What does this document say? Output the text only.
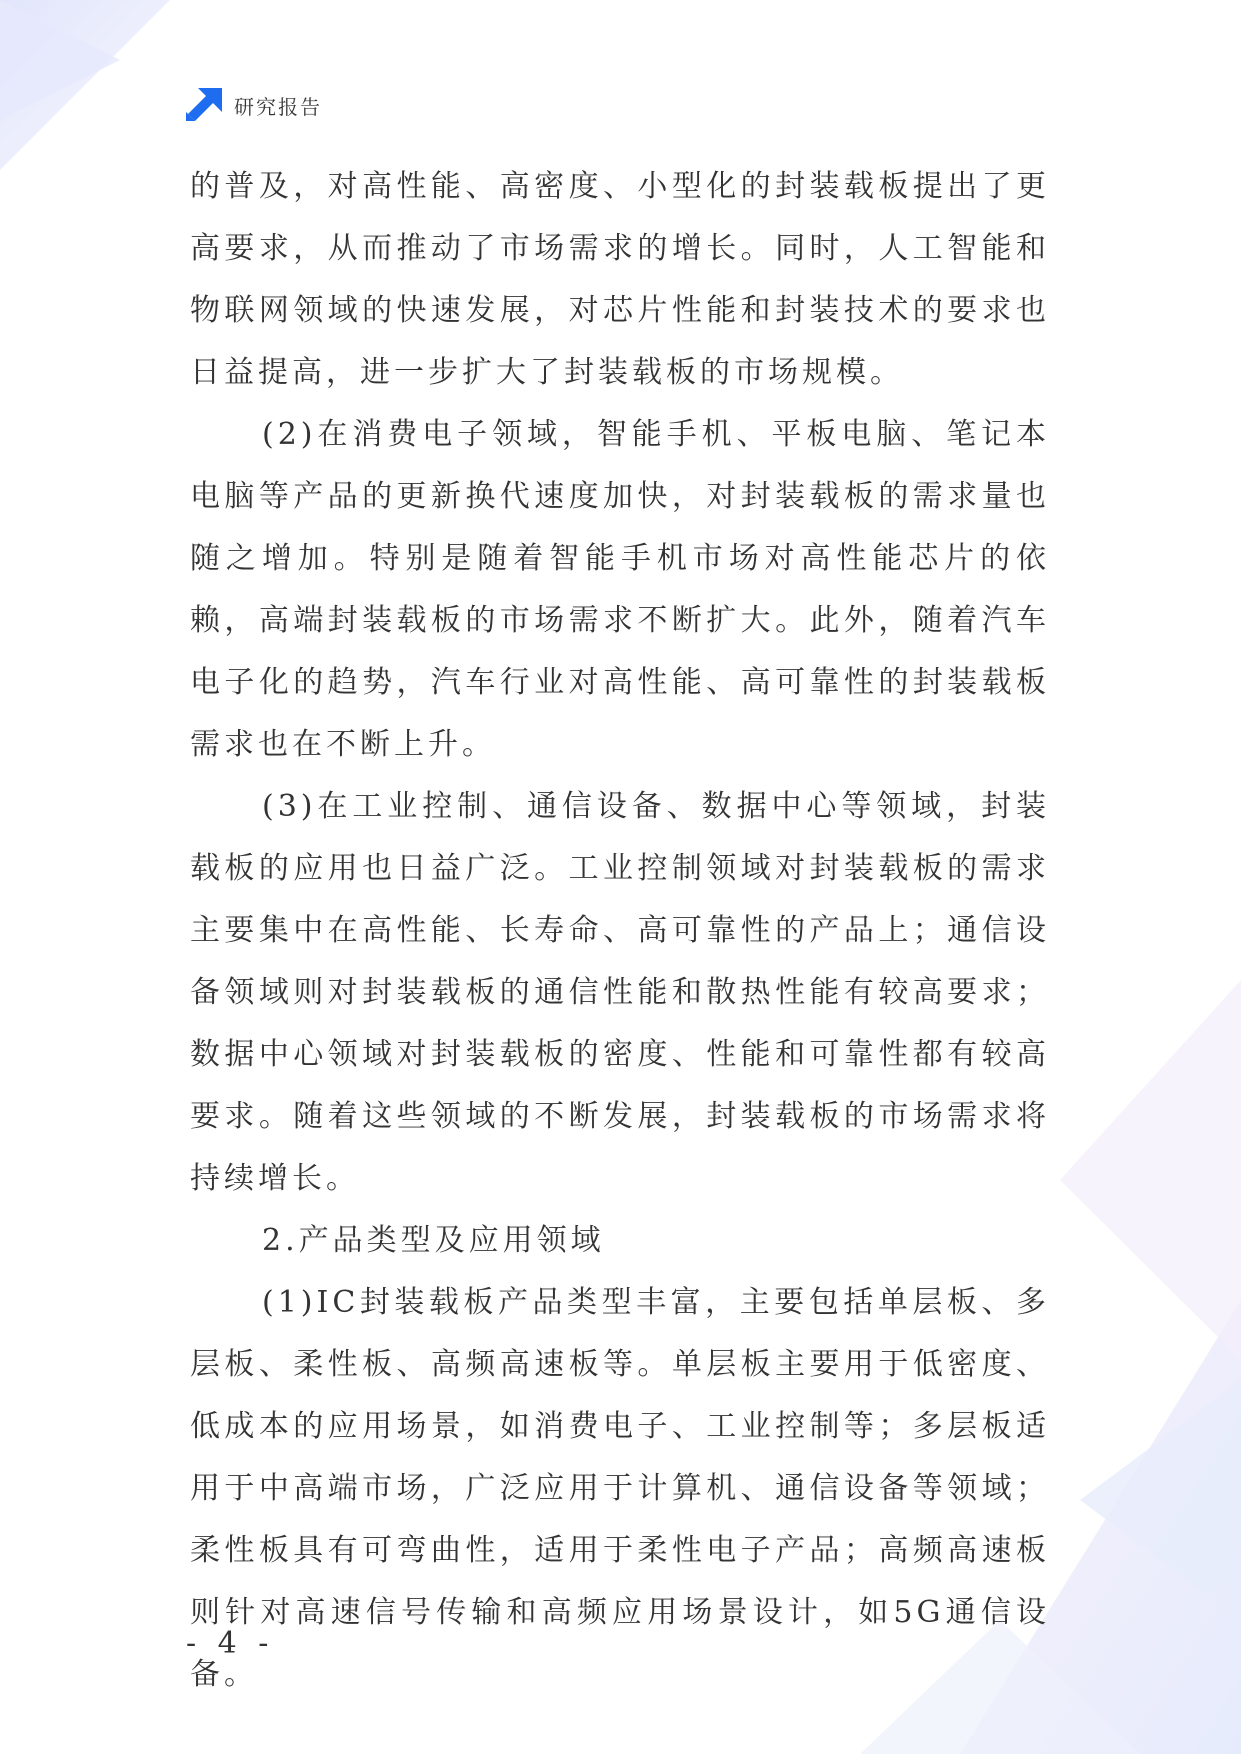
研究报告

的普及，对高性能、高密度、小型化的封装载板提出了更高要求，从而推动了市场需求的增长。同时，人工智能和物联网领域的快速发展，对芯片性能和封装技术的要求也日益提高，进一步扩大了封装载板的市场规模。

(2)在消费电子领域，智能手机、平板电脑、笔记本电脑等产品的更新换代速度加快，对封装载板的需求量也随之增加。特别是随着智能手机市场对高性能芯片的依赖，高端封装载板的市场需求不断扩大。此外，随着汽车电子化的趋势，汽车行业对高性能、高可靠性的封装载板需求也在不断上升。

(3)在工业控制、通信设备、数据中心等领域，封装载板的应用也日益广泛。工业控制领域对封装载板的需求主要集中在高性能、长寿命、高可靠性的产品上；通信设备领域则对封装载板的通信性能和散热性能有较高要求；数据中心领域对封装载板的密度、性能和可靠性都有较高要求。随着这些领域的不断发展，封装载板的市场需求将持续增长。

2.产品类型及应用领域

(1)IC封装载板产品类型丰富，主要包括单层板、多层板、柔性板、高频高速板等。单层板主要用于低密度、低成本的应用场景，如消费电子、工业控制等；多层板适用于中高端市场，广泛应用于计算机、通信设备等领域；柔性板具有可弯曲性，适用于柔性电子产品；高频高速板则针对高速信号传输和高频应用场景设计，如5G通信设备。

- 4 -
